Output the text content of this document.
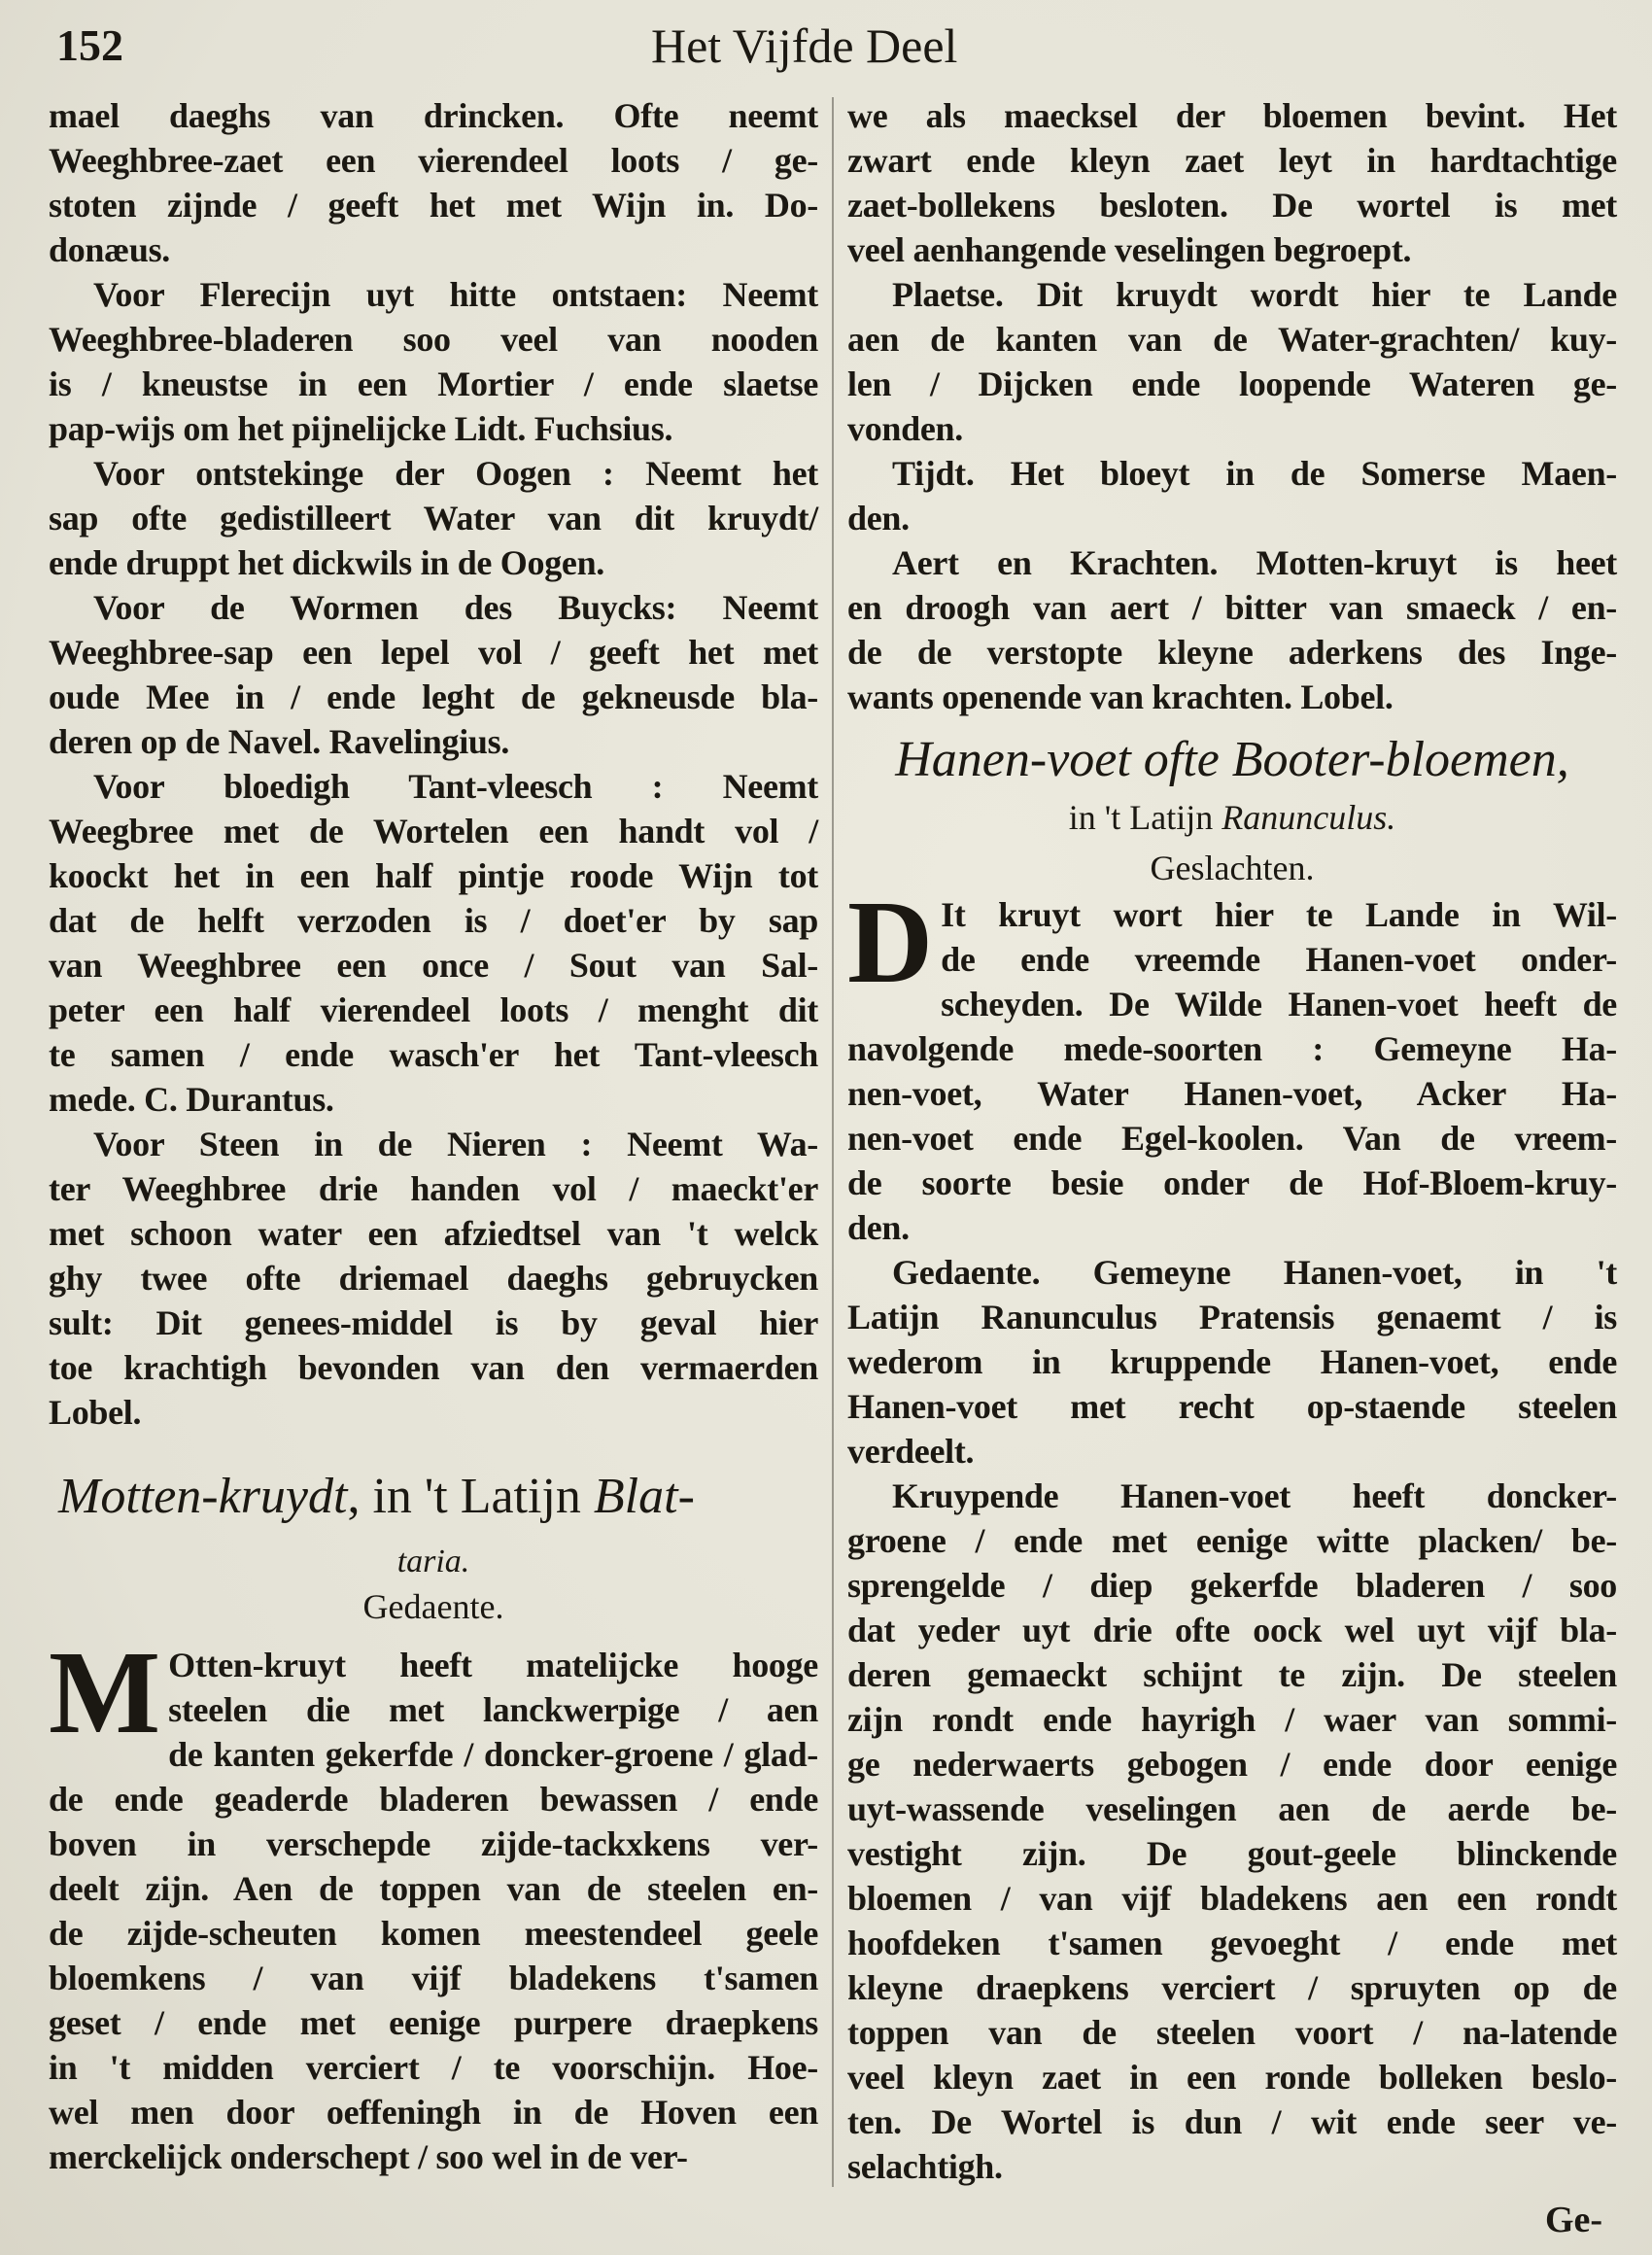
152	Het Vijfde Deel
mael daeghs van drincken. Ofte neemt
Weeghbree-zaet een vierendeel loots / ge-
stoten zijnde / geeft het met Wijn in. Do-
donæus.
Voor Flerecijn uyt hitte ontstaen: Neemt
Weeghbree-bladeren soo veel van nooden
is / kneustse in een Mortier / ende slaetse
pap-wijs om het pijnelijcke Lidt. Fuchsius.
Voor ontstekinge der Oogen : Neemt het
sap ofte gedistilleert Water van dit kruydt/
ende druppt het dickwils in de Oogen.
Voor de Wormen des Buycks: Neemt
Weeghbree-sap een lepel vol / geeft het met
oude Mee in / ende leght de gekneusde bla-
deren op de Navel. Ravelingius.
Voor bloedigh Tant-vleesch : Neemt
Weegbree met de Wortelen een handt vol /
koockt het in een half pintje roode Wijn tot
dat de helft verzoden is / doet'er by sap
van Weeghbree een once / Sout van Sal-
peter een half vierendeel loots / menght dit
te samen / ende wasch'er het Tant-vleesch
mede. C. Durantus.
Voor Steen in de Nieren : Neemt Wa-
ter Weeghbree drie handen vol / maeckt'er
met schoon water een afziedtsel van 't welck
ghy twee ofte driemael daeghs gebruycken
sult: Dit genees-middel is by geval hier
toe krachtigh bevonden van den vermaerden
Lobel.
Motten-kruydt, in 't Latijn Blat-
taria.
Gedaente.
M Otten-kruyt heeft matelijcke hooge
steelen die met lanckwerpige / aen
de kanten gekerfde / doncker-groene / glad-
de ende geaderde bladeren bewassen / ende
boven in verschepde zijde-tackxkens ver-
deelt zijn. Aen de toppen van de steelen en-
de zijde-scheuten komen meestendeel geele
bloemkens / van vijf bladekens t'samen
geset / ende met eenige purpere draepkens
in 't midden verciert / te voorschijn. Hoe-
wel men door oeffeningh in de Hoven een
merckelijck onderschept / soo wel in de ver-
we als maecksel der bloemen bevint. Het
zwart ende kleyn zaet leyt in hardtachtige
zaet-bollekens besloten. De wortel is met
veel aenhangende veselingen begroept.
Plaetse. Dit kruydt wordt hier te Lande
aen de kanten van de Water-grachten/ kuy-
len / Dijcken ende loopende Wateren ge-
vonden.
Tijdt. Het bloeyt in de Somerse Maen-
den.
Aert en Krachten. Motten-kruyt is heet
en droogh van aert / bitter van smaeck / en-
de de verstopte kleyne aderkens des Inge-
wants openende van krachten. Lobel.
Hanen-voet ofte Booter-bloemen,
in 't Latijn Ranunculus.
Geslachten.
D It kruyt wort hier te Lande in Wil-
de ende vreemde Hanen-voet onder-
scheyden. De Wilde Hanen-voet heeft de
navolgende mede-soorten : Gemeyne Ha-
nen-voet, Water Hanen-voet, Acker Ha-
nen-voet ende Egel-koolen. Van de vreem-
de soorte besie onder de Hof-Bloem-kruy-
den.
Gedaente. Gemeyne Hanen-voet, in 't
Latijn Ranunculus Pratensis genaemt / is
wederom in kruppende Hanen-voet, ende
Hanen-voet met recht op-staende steelen
verdeelt.
Kruypende Hanen-voet heeft doncker-
groene / ende met eenige witte placken/ be-
sprengelde / diep gekerfde bladeren / soo
dat yeder uyt drie ofte oock wel uyt vijf bla-
deren gemaeckt schijnt te zijn. De steelen
zijn rondt ende hayrigh / waer van sommi-
ge nederwaerts gebogen / ende door eenige
uyt-wassende veselingen aen de aerde be-
vestight zijn. De gout-geele blinckende
bloemen / van vijf bladekens aen een rondt
hoofdeken t'samen gevoeght / ende met
kleyne draepkens verciert / spruyten op de
toppen van de steelen voort / na-latende
veel kleyn zaet in een ronde bolleken beslo-
ten. De Wortel is dun / wit ende seer ve-
selachtigh.
Ge-
